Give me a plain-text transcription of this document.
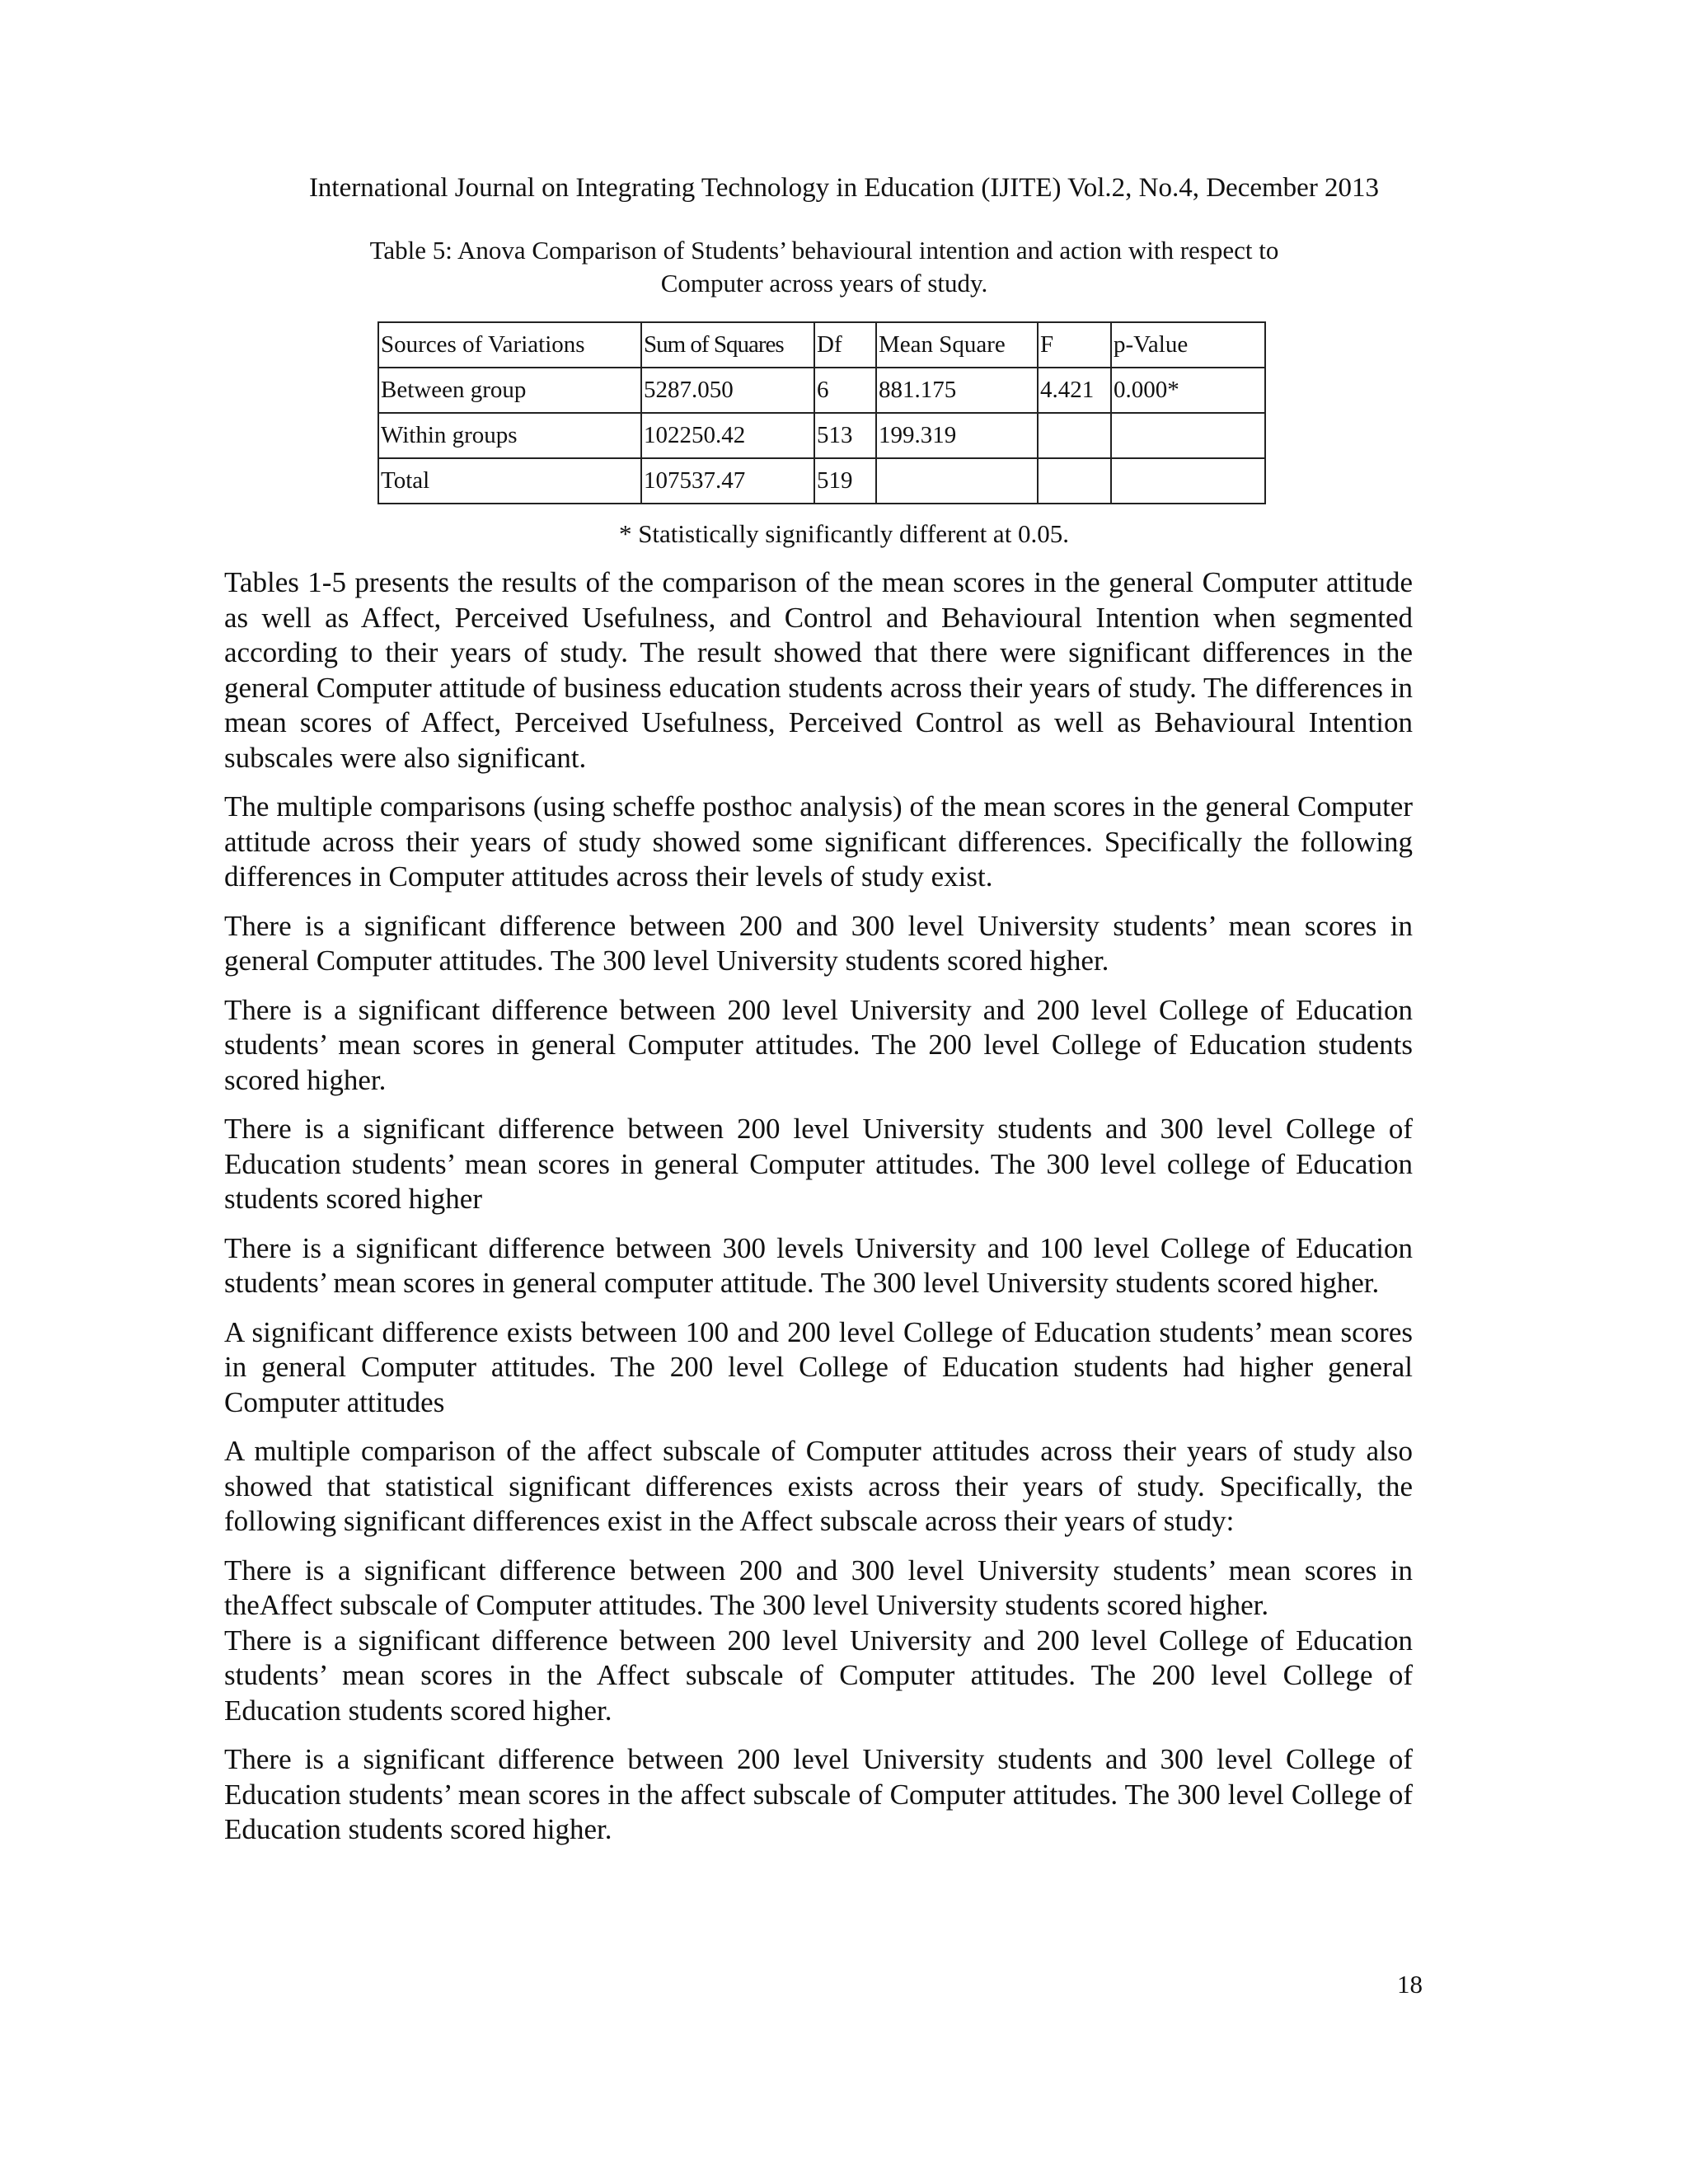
International Journal on Integrating Technology in Education (IJITE) Vol.2, No.4, December 2013
Table 5: Anova Comparison of Students’ behavioural intention and action with respect to
Computer across years of study.
Sources of Variations	Sum of Squares	Df	Mean Square	F	p-Value
Between group	5287.050	6	881.175	4.421	0.000*
Within groups	102250.42	513	199.319		
Total	107537.47	519			
* Statistically significantly different at 0.05.

Tables 1-5 presents the results of the comparison of the mean scores in the general Computer attitude as well as Affect, Perceived Usefulness, and Control and Behavioural Intention when segmented according to their years of study. The result showed that there were significant differences in the general Computer attitude of business education students across their years of study. The differences in mean scores of Affect, Perceived Usefulness, Perceived Control as well as Behavioural Intention subscales were also significant.

The multiple comparisons (using scheffe posthoc analysis) of the mean scores in the general Computer attitude across their years of study showed some significant differences. Specifically the following differences in Computer attitudes across their levels of study exist.

There is a significant difference between 200 and 300 level University students’ mean scores in general Computer attitudes. The 300 level University students scored higher.

There is a significant difference between 200 level University and 200 level College of Education students’ mean scores in general Computer attitudes. The 200 level College of Education students scored higher.

There is a significant difference between 200 level University students and 300 level College of Education students’ mean scores in general Computer attitudes. The 300 level college of Education students scored higher

There is a significant difference between 300 levels University and 100 level College of Education students’ mean scores in general computer attitude. The 300 level University students scored higher.

A significant difference exists between 100 and 200 level College of Education students’ mean scores in general Computer attitudes. The 200 level College of Education students had higher general Computer attitudes

A multiple comparison of the affect subscale of Computer attitudes across their years of study also showed that statistical significant differences exists across their years of study. Specifically, the following significant differences exist in the Affect subscale across their years of study:

There is a significant difference between 200 and 300 level University students’ mean scores in theAffect subscale of Computer attitudes. The 300 level University students scored higher.

There is a significant difference between 200 level University and 200 level College of Education students’ mean scores in the Affect subscale of Computer attitudes. The 200 level College of Education students scored higher.

There is a significant difference between 200 level University students and 300 level College of Education students’ mean scores in the affect subscale of Computer attitudes. The 300 level College of Education students scored higher.

18
